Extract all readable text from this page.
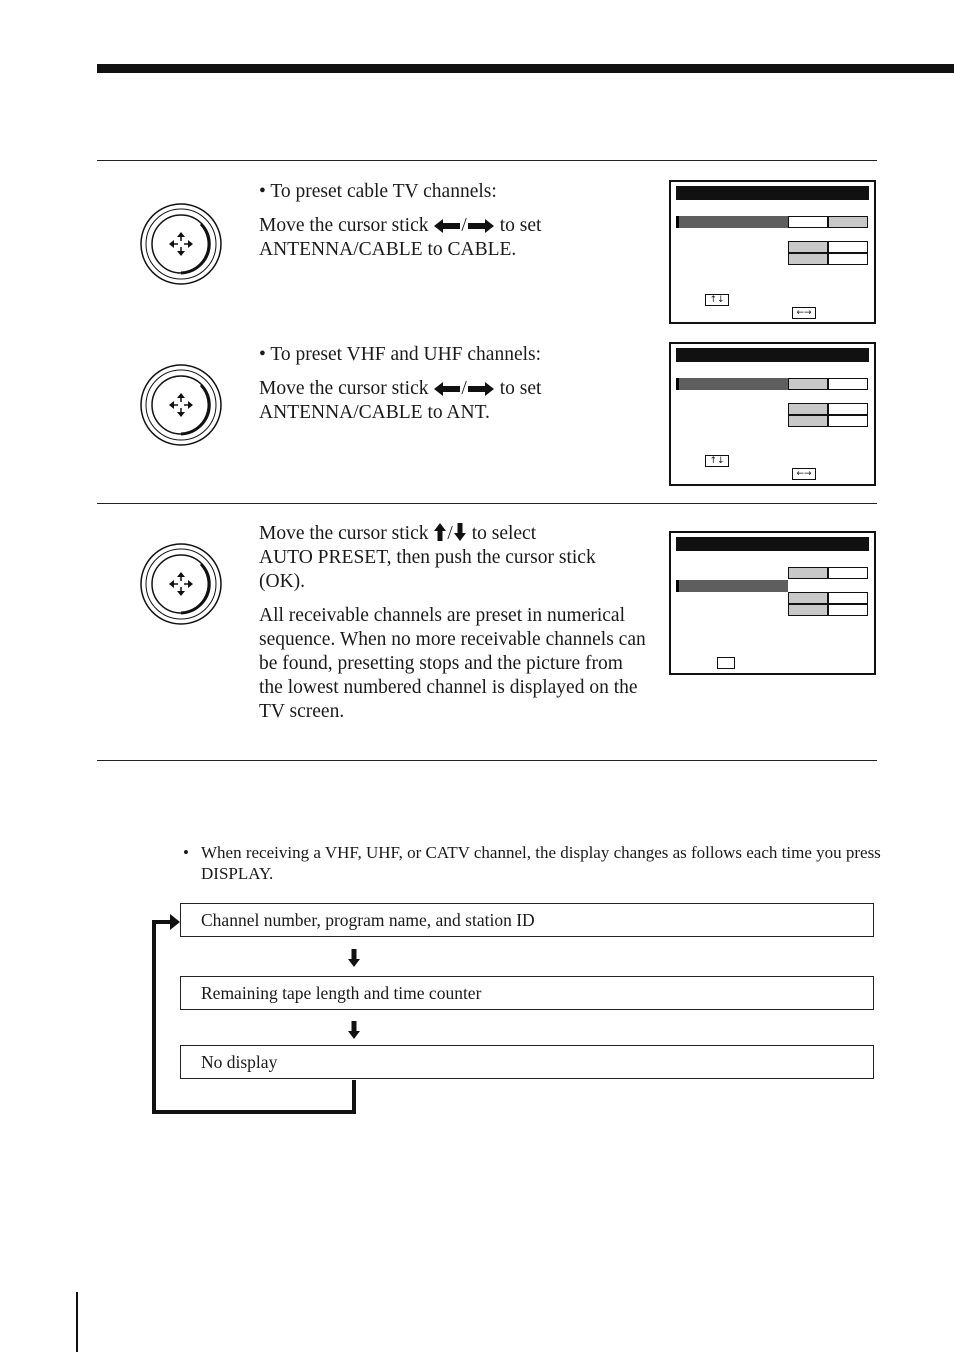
• To preset cable TV channels:

Move the cursor stick / to set

ANTENNA/CABLE to CABLE.

↑↓
←→

• To preset VHF and UHF channels:

Move the cursor stick / to set

ANTENNA/CABLE to ANT.

↑↓
←→

Move the cursor stick / to select

AUTO PRESET, then push the cursor stick

(OK).

All receivable channels are preset in numerical sequence. When no more receivable channels can be found, presetting stops and the picture from the lowest numbered channel is displayed on the TV screen.

• When receiving a VHF, UHF, or CATV channel, the display changes as follows each time you press DISPLAY.
Channel number, program name, and station ID
Remaining tape length and time counter
No display
